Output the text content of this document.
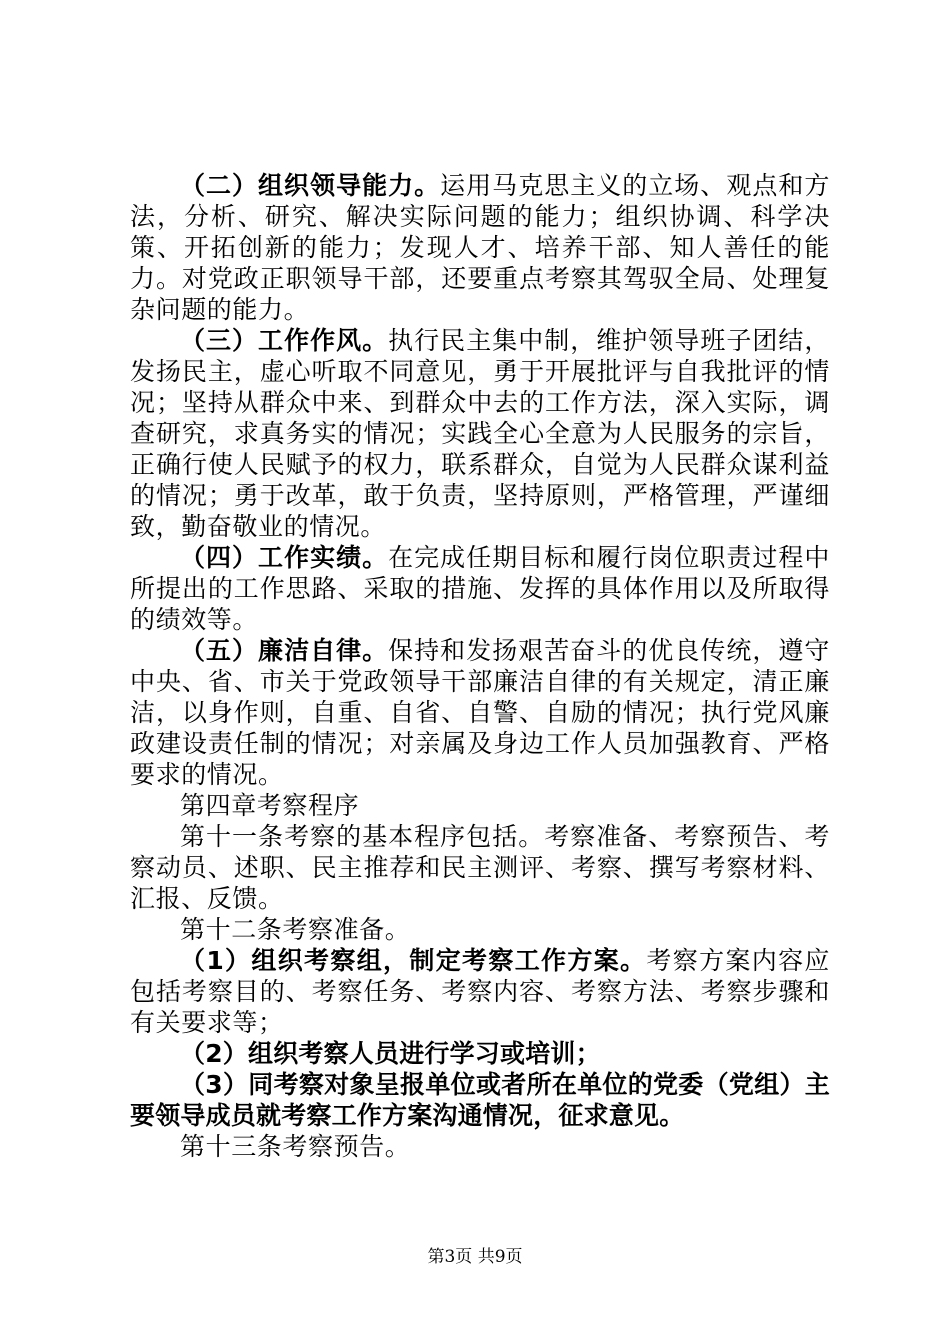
（二）组织领导能力。运用马克思主义的立场、观点和方法，分析、研究、解决实际问题的能力；组织协调、科学决策、开拓创新的能力；发现人才、培养干部、知人善任的能力。对党政正职领导干部，还要重点考察其驾驭全局、处理复杂问题的能力。

（三）工作作风。执行民主集中制，维护领导班子团结，发扬民主，虚心听取不同意见，勇于开展批评与自我批评的情况；坚持从群众中来、到群众中去的工作方法，深入实际，调查研究，求真务实的情况；实践全心全意为人民服务的宗旨，正确行使人民赋予的权力，联系群众，自觉为人民群众谋利益的情况；勇于改革，敢于负责，坚持原则，严格管理，严谨细致，勤奋敬业的情况。

（四）工作实绩。在完成任期目标和履行岗位职责过程中所提出的工作思路、采取的措施、发挥的具体作用以及所取得的绩效等。

（五）廉洁自律。保持和发扬艰苦奋斗的优良传统，遵守中央、省、市关于党政领导干部廉洁自律的有关规定，清正廉洁，以身作则，自重、自省、自警、自励的情况；执行党风廉政建设责任制的情况；对亲属及身边工作人员加强教育、严格要求的情况。

第四章考察程序

第十一条考察的基本程序包括。考察准备、考察预告、考察动员、述职、民主推荐和民主测评、考察、撰写考察材料、汇报、反馈。

第十二条考察准备。

（1）组织考察组，制定考察工作方案。考察方案内容应包括考察目的、考察任务、考察内容、考察方法、考察步骤和有关要求等；

（2）组织考察人员进行学习或培训；

（3）同考察对象呈报单位或者所在单位的党委（党组）主要领导成员就考察工作方案沟通情况，征求意见。

第十三条考察预告。

第3页 共9页
